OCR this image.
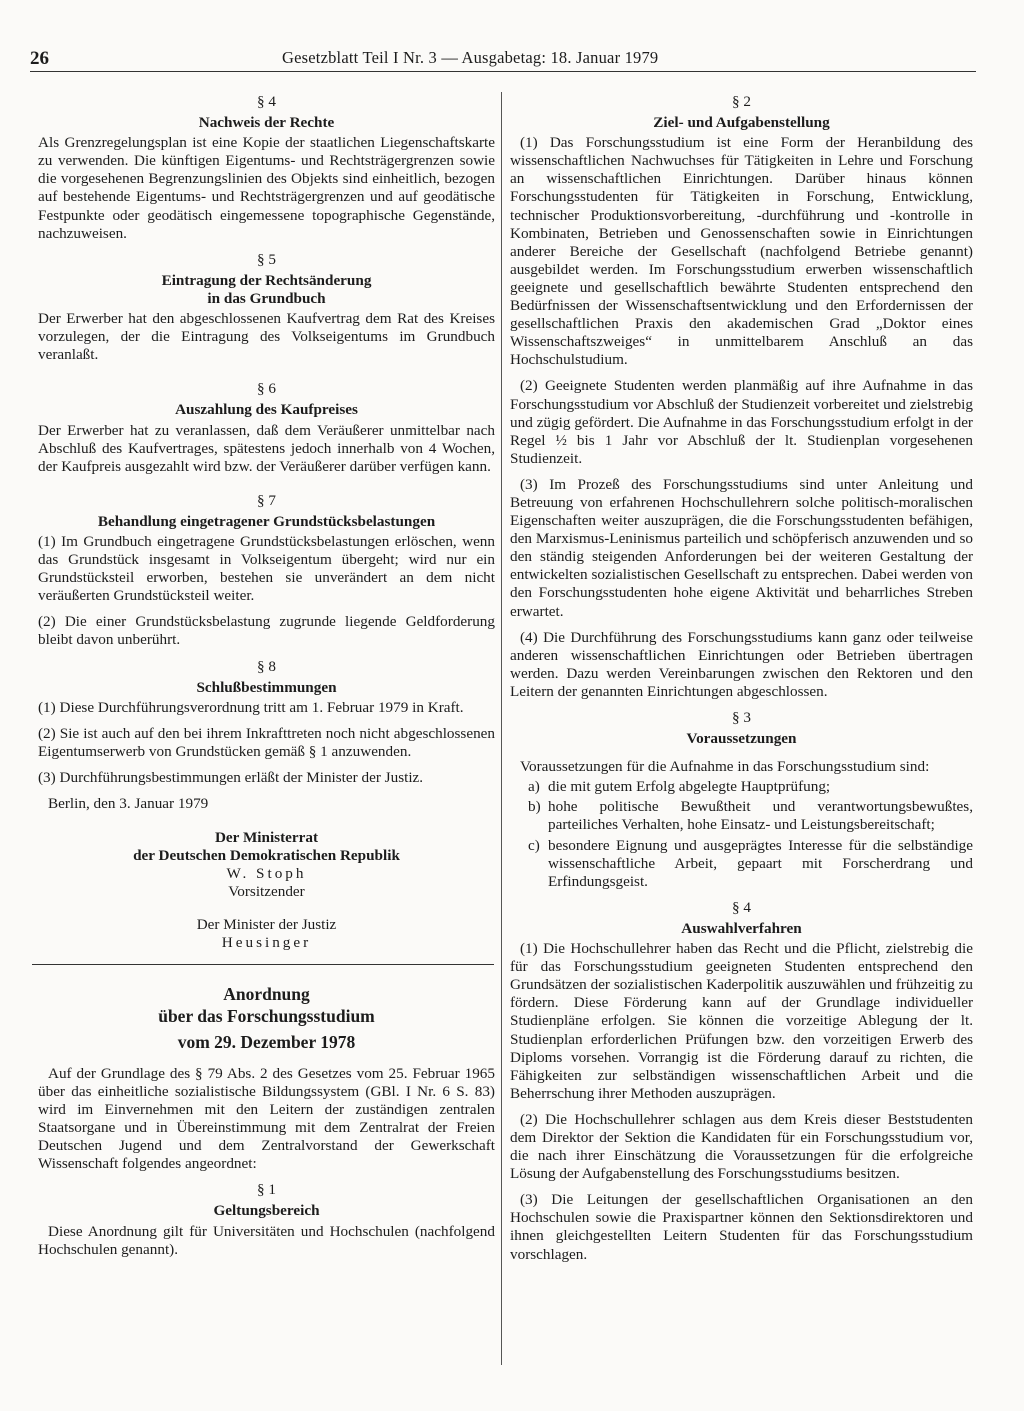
26	Gesetzblatt Teil I Nr. 3 — Ausgabetag: 18. Januar 1979

§ 4

Nachweis der Rechte

Als Grenzregelungsplan ist eine Kopie der staatlichen Liegenschaftskarte zu verwenden. Die künftigen Eigentums- und Rechtsträgergrenzen sowie die vorgesehenen Begrenzungslinien des Objekts sind einheitlich, bezogen auf bestehende Eigentums- und Rechtsträgergrenzen und auf geodätische Festpunkte oder geodätisch eingemessene topographische Gegenstände, nachzuweisen.

§ 5

Eintragung der Rechtsänderung

in das Grundbuch

Der Erwerber hat den abgeschlossenen Kaufvertrag dem Rat des Kreises vorzulegen, der die Eintragung des Volkseigentums im Grundbuch veranlaßt.

§ 6

Auszahlung des Kaufpreises

Der Erwerber hat zu veranlassen, daß dem Veräußerer unmittelbar nach Abschluß des Kaufvertrages, spätestens jedoch innerhalb von 4 Wochen, der Kaufpreis ausgezahlt wird bzw. der Veräußerer darüber verfügen kann.

§ 7

Behandlung eingetragener Grundstücksbelastungen

(1) Im Grundbuch eingetragene Grundstücksbelastungen erlöschen, wenn das Grundstück insgesamt in Volkseigentum übergeht; wird nur ein Grundstücksteil erworben, bestehen sie unverändert an dem nicht veräußerten Grundstücksteil weiter.

(2) Die einer Grundstücksbelastung zugrunde liegende Geldforderung bleibt davon unberührt.

§ 8

Schlußbestimmungen

(1) Diese Durchführungsverordnung tritt am 1. Februar 1979 in Kraft.

(2) Sie ist auch auf den bei ihrem Inkrafttreten noch nicht abgeschlossenen Eigentumserwerb von Grundstücken gemäß § 1 anzuwenden.

(3) Durchführungsbestimmungen erläßt der Minister der Justiz.

Berlin, den 3. Januar 1979

Der Ministerrat

der Deutschen Demokratischen Republik

W. Stoph

Vorsitzender

Der Minister der Justiz

Heusinger

Anordnung

über das Forschungsstudium

vom 29. Dezember 1978

Auf der Grundlage des § 79 Abs. 2 des Gesetzes vom 25. Februar 1965 über das einheitliche sozialistische Bildungssystem (GBl. I Nr. 6 S. 83) wird im Einvernehmen mit den Leitern der zuständigen zentralen Staatsorgane und in Übereinstimmung mit dem Zentralrat der Freien Deutschen Jugend und dem Zentralvorstand der Gewerkschaft Wissenschaft folgendes angeordnet:

§ 1

Geltungsbereich

Diese Anordnung gilt für Universitäten und Hochschulen (nachfolgend Hochschulen genannt).

§ 2

Ziel- und Aufgabenstellung

(1) Das Forschungsstudium ist eine Form der Heranbildung des wissenschaftlichen Nachwuchses für Tätigkeiten in Lehre und Forschung an wissenschaftlichen Einrichtungen. Darüber hinaus können Forschungsstudenten für Tätigkeiten in Forschung, Entwicklung, technischer Produktionsvorbereitung, -durchführung und -kontrolle in Kombinaten, Betrieben und Genossenschaften sowie in Einrichtungen anderer Bereiche der Gesellschaft (nachfolgend Betriebe genannt) ausgebildet werden. Im Forschungsstudium erwerben wissenschaftlich geeignete und gesellschaftlich bewährte Studenten entsprechend den Bedürfnissen der Wissenschaftsentwicklung und den Erfordernissen der gesellschaftlichen Praxis den akademischen Grad „Doktor eines Wissenschaftszweiges“ in unmittelbarem Anschluß an das Hochschulstudium.

(2) Geeignete Studenten werden planmäßig auf ihre Aufnahme in das Forschungsstudium vor Abschluß der Studienzeit vorbereitet und zielstrebig und zügig gefördert. Die Aufnahme in das Forschungsstudium erfolgt in der Regel ½ bis 1 Jahr vor Abschluß der lt. Studienplan vorgesehenen Studienzeit.

(3) Im Prozeß des Forschungsstudiums sind unter Anleitung und Betreuung von erfahrenen Hochschullehrern solche politisch-moralischen Eigenschaften weiter auszuprägen, die die Forschungsstudenten befähigen, den Marxismus-Leninismus parteilich und schöpferisch anzuwenden und so den ständig steigenden Anforderungen bei der weiteren Gestaltung der entwickelten sozialistischen Gesellschaft zu entsprechen. Dabei werden von den Forschungsstudenten hohe eigene Aktivität und beharrliches Streben erwartet.

(4) Die Durchführung des Forschungsstudiums kann ganz oder teilweise anderen wissenschaftlichen Einrichtungen oder Betrieben übertragen werden. Dazu werden Vereinbarungen zwischen den Rektoren und den Leitern der genannten Einrichtungen abgeschlossen.

§ 3

Voraussetzungen

Voraussetzungen für die Aufnahme in das Forschungsstudium sind:

a) die mit gutem Erfolg abgelegte Hauptprüfung;
b) hohe politische Bewußtheit und verantwortungsbewußtes, parteiliches Verhalten, hohe Einsatz- und Leistungsbereitschaft;
c) besondere Eignung und ausgeprägtes Interesse für die selbständige wissenschaftliche Arbeit, gepaart mit Forscherdrang und Erfindungsgeist.

§ 4

Auswahlverfahren

(1) Die Hochschullehrer haben das Recht und die Pflicht, zielstrebig die für das Forschungsstudium geeigneten Studenten entsprechend den Grundsätzen der sozialistischen Kaderpolitik auszuwählen und frühzeitig zu fördern. Diese Förderung kann auf der Grundlage individueller Studienpläne erfolgen. Sie können die vorzeitige Ablegung der lt. Studienplan erforderlichen Prüfungen bzw. den vorzeitigen Erwerb des Diploms vorsehen. Vorrangig ist die Förderung darauf zu richten, die Fähigkeiten zur selbständigen wissenschaftlichen Arbeit und die Beherrschung ihrer Methoden auszuprägen.

(2) Die Hochschullehrer schlagen aus dem Kreis dieser Beststudenten dem Direktor der Sektion die Kandidaten für ein Forschungsstudium vor, die nach ihrer Einschätzung die Voraussetzungen für die erfolgreiche Lösung der Aufgabenstellung des Forschungsstudiums besitzen.

(3) Die Leitungen der gesellschaftlichen Organisationen an den Hochschulen sowie die Praxispartner können den Sektionsdirektoren und ihnen gleichgestellten Leitern Studenten für das Forschungsstudium vorschlagen.
